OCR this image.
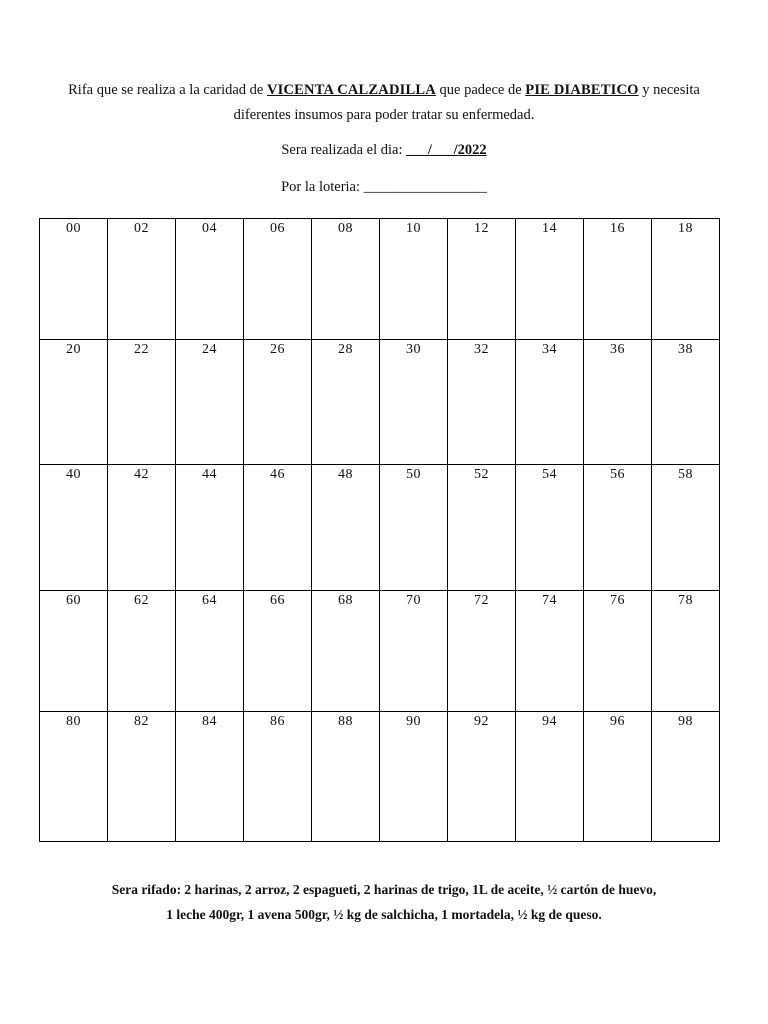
Rifa que se realiza a la caridad de VICENTA CALZADILLA que padece de PIE DIABETICO y necesita diferentes insumos para poder tratar su enfermedad.
Sera realizada el dia: ___/___/2022
Por la loteria: _________________
00	02	04	06	08	10	12	14	16	18
20	22	24	26	28	30	32	34	36	38
40	42	44	46	48	50	52	54	56	58
60	62	64	66	68	70	72	74	76	78
80	82	84	86	88	90	92	94	96	98
Sera rifado: 2 harinas, 2 arroz, 2 espagueti, 2 harinas de trigo, 1L de aceite, ½ cartón de huevo,
1 leche 400gr, 1 avena 500gr, ½ kg de salchicha, 1 mortadela, ½ kg de queso.
